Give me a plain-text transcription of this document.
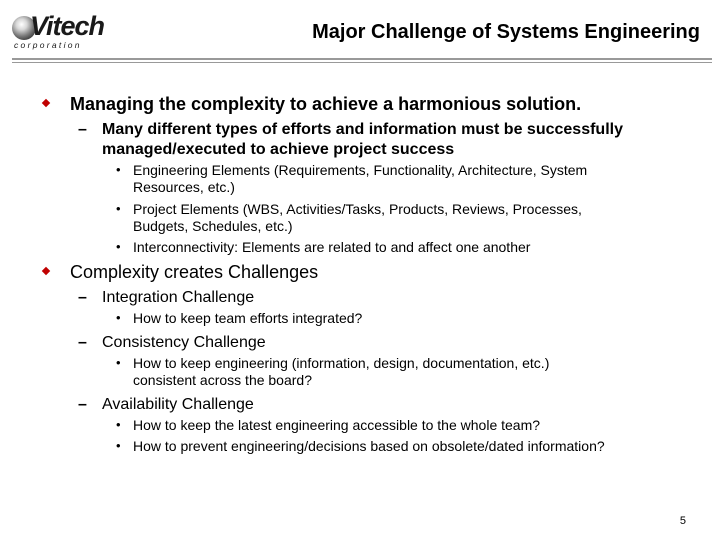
Vitech
corporation
Major Challenge of Systems Engineering

Managing the complexity to achieve a harmonious solution.

– Many different types of efforts and information must be successfully

managed/executed to achieve project success

• Engineering Elements (Requirements, Functionality, Architecture, System

Resources, etc.)

• Project Elements (WBS, Activities/Tasks, Products, Reviews, Processes,

Budgets, Schedules, etc.)

• Interconnectivity: Elements are related to and affect one another

Complexity creates Challenges

– Integration Challenge

• How to keep team efforts integrated?

– Consistency Challenge

• How to keep engineering (information, design, documentation, etc.)

consistent across the board?

– Availability Challenge

• How to keep the latest engineering accessible to the whole team?

• How to prevent engineering/decisions based on obsolete/dated information?

5
